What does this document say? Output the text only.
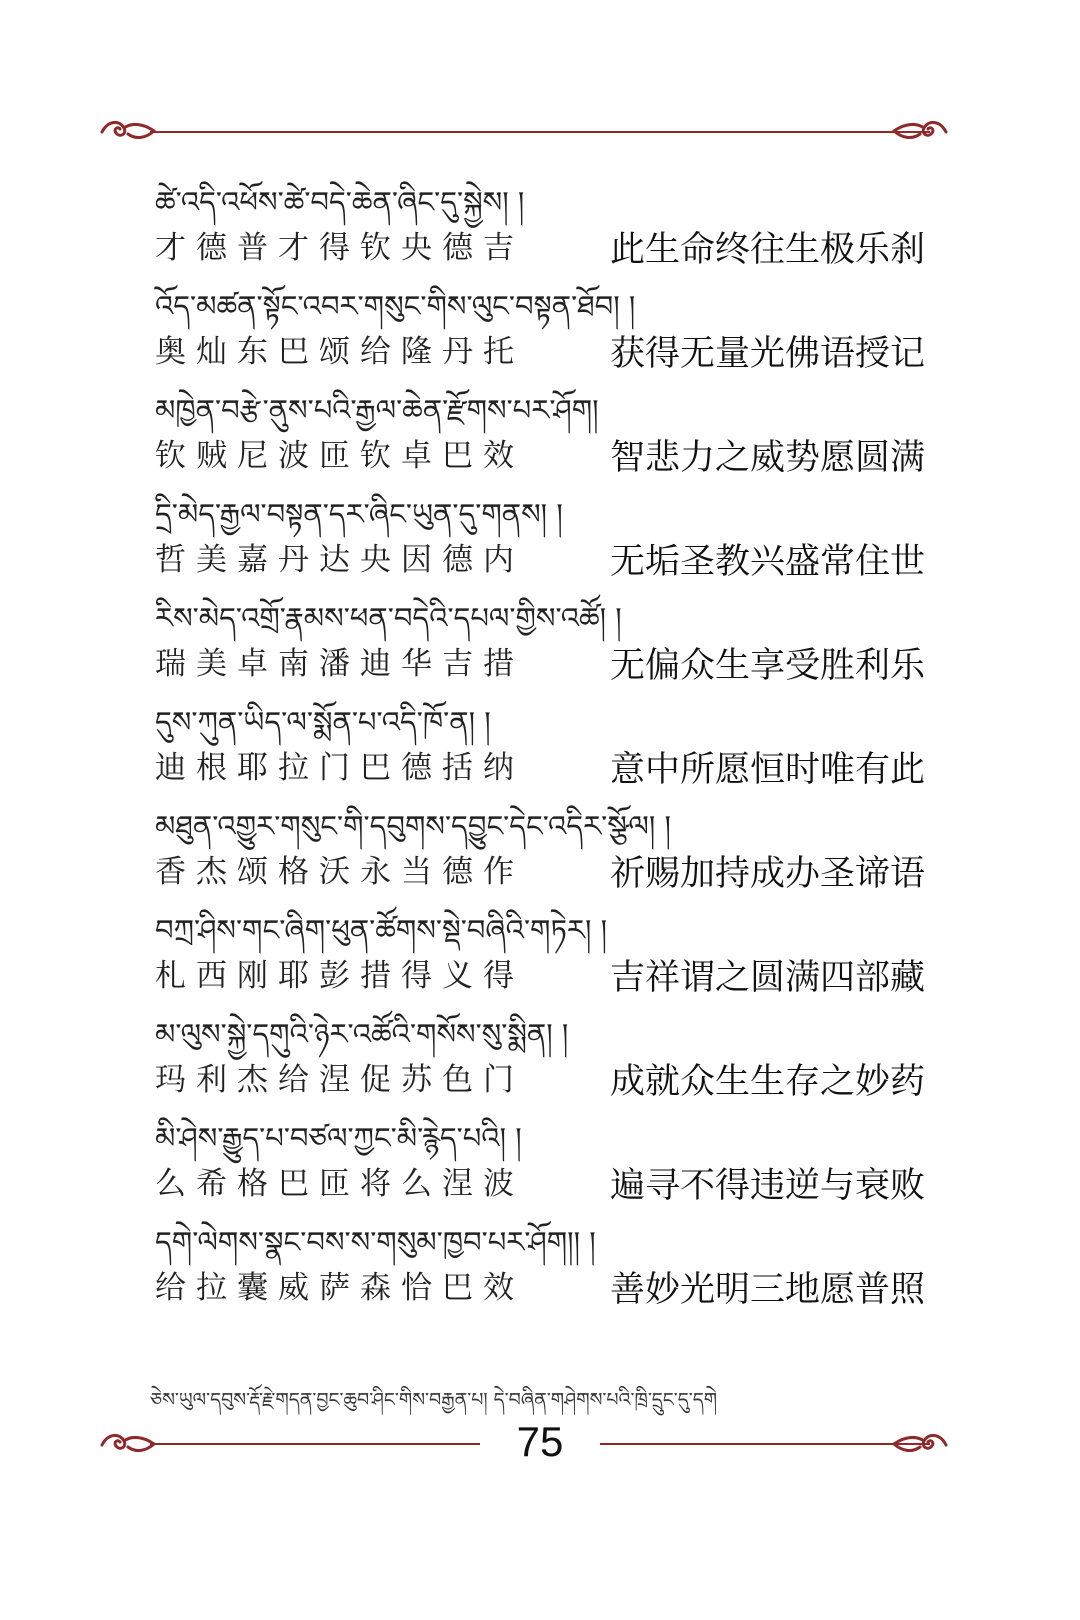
ཚེ་འདི་འཕོས་ཚེ་བདེ་ཆེན་ཞིང་དུ་སྐྱེས། །
才德普才得钦央德吉 此生命终往生极乐刹
འོད་མཚན་སྟོང་འབར་གསུང་གིས་ལུང་བསྟན་ཐོབ། །
奥灿东巴颂给隆丹托 获得无量光佛语授记
མཁྱེན་བརྩེ་ནུས་པའི་རྒྱལ་ཆེན་རྫོགས་པར་ཤོག།
钦贼尼波匝钦卓巴效 智悲力之威势愿圆满
དྲི་མེད་རྒྱལ་བསྟན་དར་ཞིང་ཡུན་དུ་གནས། །
哲美嘉丹达央因德内 无垢圣教兴盛常住世
རིས་མེད་འགྲོ་རྣམས་ཕན་བདེའི་དཔལ་གྱིས་འཚོ། །
瑞美卓南潘迪华吉措 无偏众生享受胜利乐
དུས་ཀུན་ཡིད་ལ་སྨོན་པ་འདི་ཁོ་ན། །
迪根耶拉门巴德括纳 意中所愿恒时唯有此
མཐུན་འགྱུར་གསུང་གི་དབུགས་དབྱུང་དེང་འདིར་སྩོལ། །
香杰颂格沃永当德作 祈赐加持成办圣谛语
བཀྲ་ཤིས་གང་ཞིག་ཕུན་ཚོགས་སྡེ་བཞིའི་གཏེར། །
札西刚耶彭措得义得 吉祥谓之圆满四部藏
མ་ལུས་སྐྱེ་དགུའི་ཉེར་འཚོའི་གསོས་སུ་སྨིན། །
玛利杰给涅促苏色门 成就众生生存之妙药
མི་ཤེས་རྒྱུད་པ་བཙལ་ཀྱང་མི་རྙེད་པའི། །
么希格巴匝将么涅波 遍寻不得违逆与衰败
དགེ་ལེགས་སྣང་བས་ས་གསུམ་ཁྱབ་པར་ཤོག།། །
给拉囊威萨森恰巴效 善妙光明三地愿普照
ཅེས་ཡུལ་དབུས་རྡོ་རྗེ་གདན་བྱང་ཆུབ་ཤིང་གིས་བརྒྱན་པ། དེ་བཞིན་གཤེགས་པའི་ཁྲི་དྲུང་དུ་དགེ
75
